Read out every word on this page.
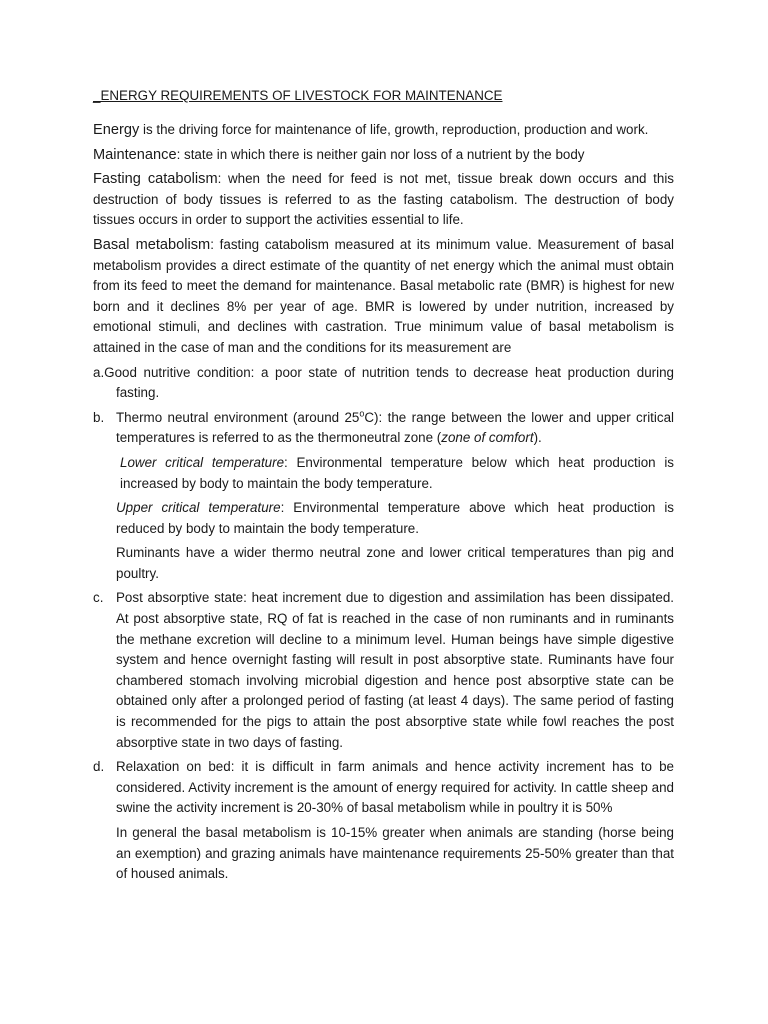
_ENERGY REQUIREMENTS OF LIVESTOCK FOR MAINTENANCE

Energy is the driving force for maintenance of life, growth, reproduction, production and work.

Maintenance: state in which there is neither gain nor loss of a nutrient by the body

Fasting catabolism: when the need for feed is not met, tissue break down occurs and this destruction of body tissues is referred to as the fasting catabolism. The destruction of body tissues occurs in order to support the activities essential to life.

Basal metabolism: fasting catabolism measured at its minimum value. Measurement of basal metabolism provides a direct estimate of the quantity of net energy which the animal must obtain from its feed to meet the demand for maintenance. Basal metabolic rate (BMR) is highest for new born and it declines 8% per year of age. BMR is lowered by under nutrition, increased by emotional stimuli, and declines with castration. True minimum value of basal metabolism is attained in the case of man and the conditions for its measurement are

a.Good nutritive condition: a poor state of nutrition tends to decrease heat production during fasting.
b. Thermo neutral environment (around 25$^o$C): the range between the lower and upper critical temperatures is referred to as the thermoneutral zone (zone of comfort).

Lower critical temperature: Environmental temperature below which heat production is increased by body to maintain the body temperature.

Upper critical temperature: Environmental temperature above which heat production is reduced by body to maintain the body temperature.

Ruminants have a wider thermo neutral zone and lower critical temperatures than pig and poultry.

c. Post absorptive state: heat increment due to digestion and assimilation has been dissipated. At post absorptive state, RQ of fat is reached in the case of non ruminants and in ruminants the methane excretion will decline to a minimum level. Human beings have simple digestive system and hence overnight fasting will result in post absorptive state. Ruminants have four chambered stomach involving microbial digestion and hence post absorptive state can be obtained only after a prolonged period of fasting (at least 4 days). The same period of fasting is recommended for the pigs to attain the post absorptive state while fowl reaches the post absorptive state in two days of fasting.
d. Relaxation on bed: it is difficult in farm animals and hence activity increment has to be considered. Activity increment is the amount of energy required for activity. In cattle sheep and swine the activity increment is 20-30% of basal metabolism while in poultry it is 50%

In general the basal metabolism is 10-15% greater when animals are standing (horse being an exemption) and grazing animals have maintenance requirements 25-50% greater than that of housed animals.
